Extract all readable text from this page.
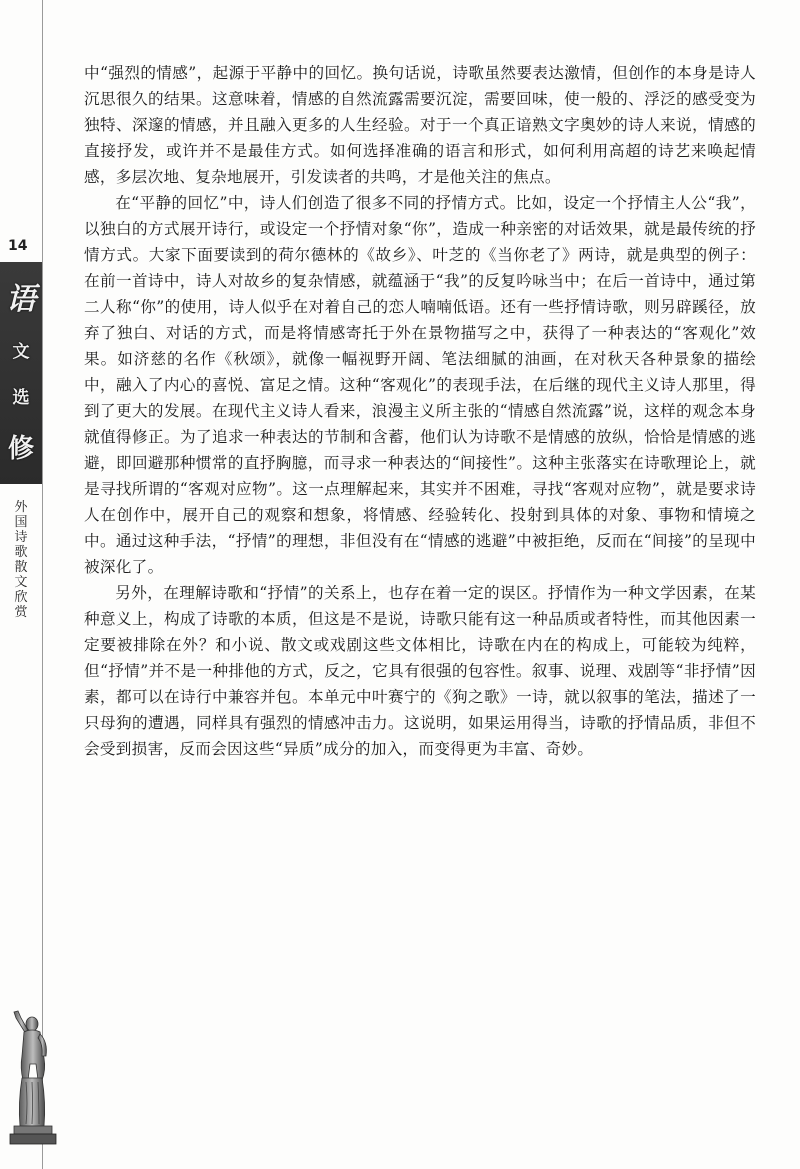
14
语
文
选
修
外国诗歌散文欣赏

中“强烈的情感”，起源于平静中的回忆。换句话说，诗歌虽然要表达激情，但创作的本身是诗人沉思很久的结果。这意味着，情感的自然流露需要沉淀，需要回味，使一般的、浮泛的感受变为独特、深邃的情感，并且融入更多的人生经验。对于一个真正谙熟文字奥妙的诗人来说，情感的直接抒发，或许并不是最佳方式。如何选择准确的语言和形式，如何利用高超的诗艺来唤起情感，多层次地、复杂地展开，引发读者的共鸣，才是他关注的焦点。

在“平静的回忆”中，诗人们创造了很多不同的抒情方式。比如，设定一个抒情主人公“我”，以独白的方式展开诗行，或设定一个抒情对象“你”，造成一种亲密的对话效果，就是最传统的抒情方式。大家下面要读到的荷尔德林的《故乡》、叶芝的《当你老了》两诗，就是典型的例子：在前一首诗中，诗人对故乡的复杂情感，就蕴涵于“我”的反复吟咏当中；在后一首诗中，通过第二人称“你”的使用，诗人似乎在对着自己的恋人喃喃低语。还有一些抒情诗歌，则另辟蹊径，放弃了独白、对话的方式，而是将情感寄托于外在景物描写之中，获得了一种表达的“客观化”效果。如济慈的名作《秋颂》，就像一幅视野开阔、笔法细腻的油画，在对秋天各种景象的描绘中，融入了内心的喜悦、富足之情。这种“客观化”的表现手法，在后继的现代主义诗人那里，得到了更大的发展。在现代主义诗人看来，浪漫主义所主张的“情感自然流露”说，这样的观念本身就值得修正。为了追求一种表达的节制和含蓄，他们认为诗歌不是情感的放纵，恰恰是情感的逃避，即回避那种惯常的直抒胸臆，而寻求一种表达的“间接性”。这种主张落实在诗歌理论上，就是寻找所谓的“客观对应物”。这一点理解起来，其实并不困难，寻找“客观对应物”，就是要求诗人在创作中，展开自己的观察和想象，将情感、经验转化、投射到具体的对象、事物和情境之中。通过这种手法，“抒情”的理想，非但没有在“情感的逃避”中被拒绝，反而在“间接”的呈现中被深化了。

另外，在理解诗歌和“抒情”的关系上，也存在着一定的误区。抒情作为一种文学因素，在某种意义上，构成了诗歌的本质，但这是不是说，诗歌只能有这一种品质或者特性，而其他因素一定要被排除在外？和小说、散文或戏剧这些文体相比，诗歌在内在的构成上，可能较为纯粹，但“抒情”并不是一种排他的方式，反之，它具有很强的包容性。叙事、说理、戏剧等“非抒情”因素，都可以在诗行中兼容并包。本单元中叶赛宁的《狗之歌》一诗，就以叙事的笔法，描述了一只母狗的遭遇，同样具有强烈的情感冲击力。这说明，如果运用得当，诗歌的抒情品质，非但不会受到损害，反而会因这些“异质”成分的加入，而变得更为丰富、奇妙。
